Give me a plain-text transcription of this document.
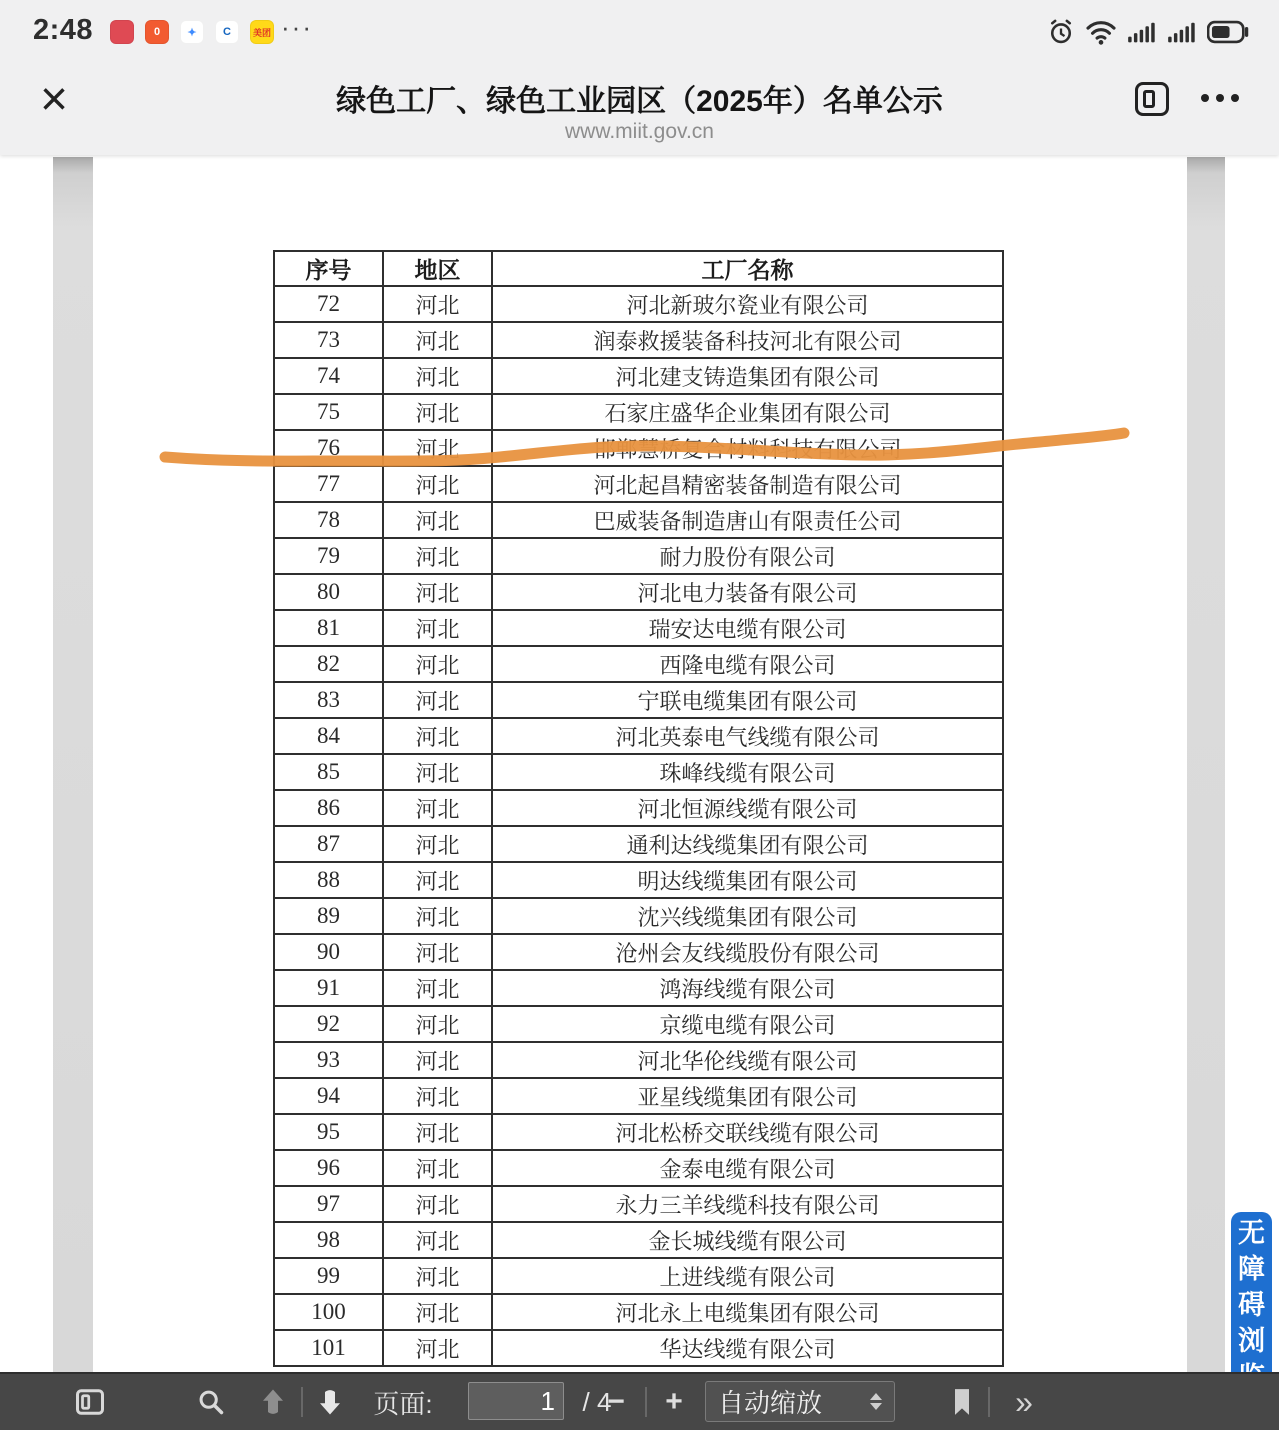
2:48	0	✦	C	美团 ···
×	绿色工厂、绿色工业园区（2025年）名单公示
www.miit.gov.cn
序号	地区	工厂名称
72	河北	河北新玻尔瓷业有限公司
73	河北	润泰救援装备科技河北有限公司
74	河北	河北建支铸造集团有限公司
75	河北	石家庄盛华企业集团有限公司
76	河北	邯郸慧桥复合材料科技有限公司
77	河北	河北起昌精密装备制造有限公司
78	河北	巴威装备制造唐山有限责任公司
79	河北	耐力股份有限公司
80	河北	河北电力装备有限公司
81	河北	瑞安达电缆有限公司
82	河北	西隆电缆有限公司
83	河北	宁联电缆集团有限公司
84	河北	河北英泰电气线缆有限公司
85	河北	珠峰线缆有限公司
86	河北	河北恒源线缆有限公司
87	河北	通利达线缆集团有限公司
88	河北	明达线缆集团有限公司
89	河北	沈兴线缆集团有限公司
90	河北	沧州会友线缆股份有限公司
91	河北	鸿海线缆有限公司
92	河北	京缆电缆有限公司
93	河北	河北华伦线缆有限公司
94	河北	亚星线缆集团有限公司
95	河北	河北松桥交联线缆有限公司
96	河北	金泰电缆有限公司
97	河北	永力三羊线缆科技有限公司
98	河北	金长城线缆有限公司
99	河北	上进线缆有限公司
100	河北	河北永上电缆集团有限公司
101	河北	华达线缆有限公司
无
障
碍
浏
页面:
1	/ 4
− + 自动缩放	»
